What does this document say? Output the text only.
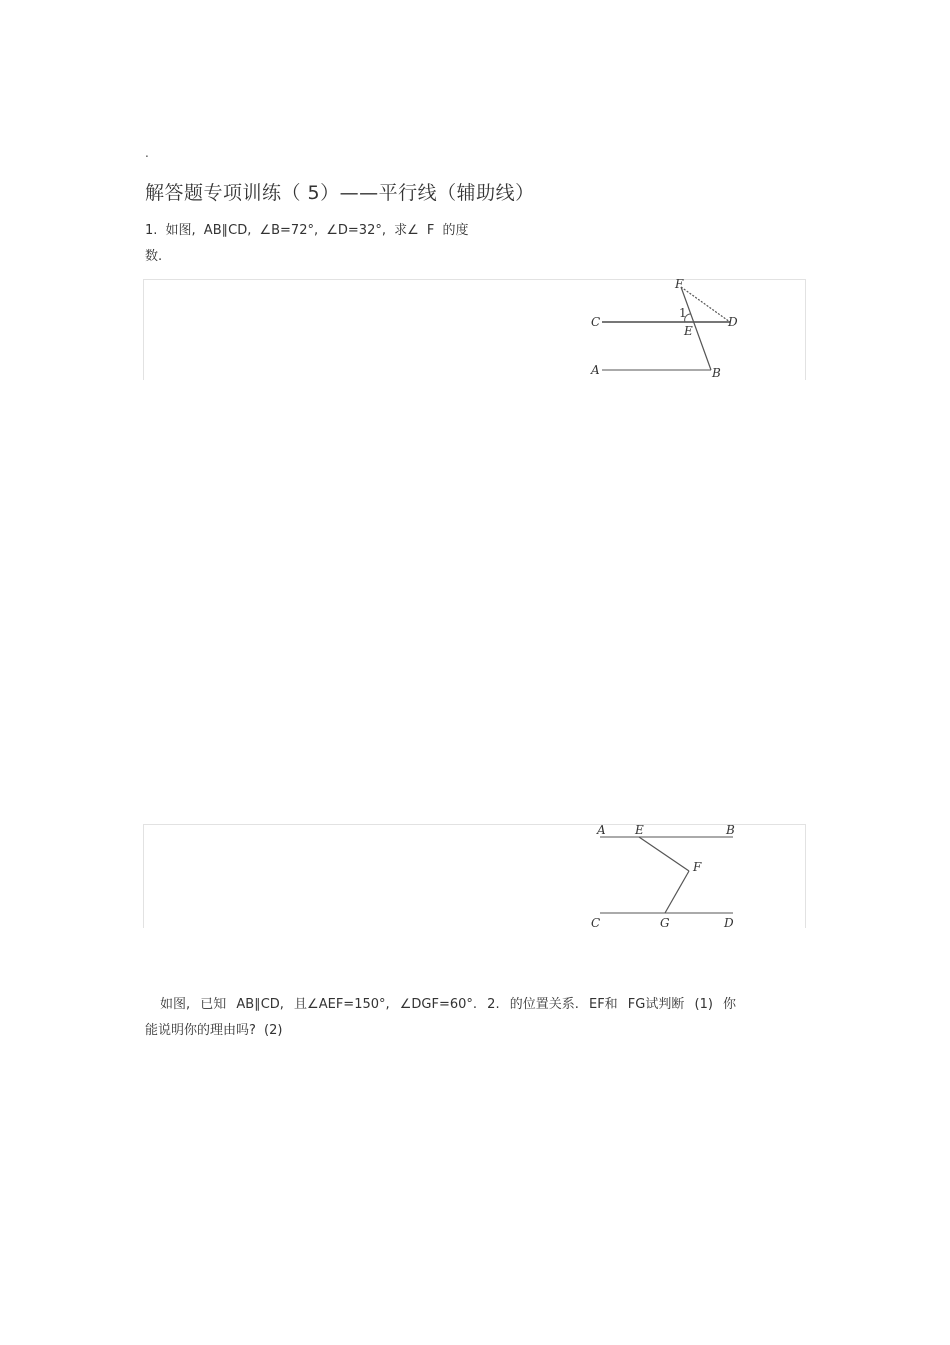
.
解答题专项训练（ 5）——平行线（辅助线）
1. 如图, AB∥CD, ∠B=72°, ∠D=32°, 求∠ F 的度
数.
F
C
1
E
D
A	B
A E	B
F
C	G	D
如图, 已知 AB∥CD, 且∠AEF=150°, ∠DGF=60°. 2. 的位置关系. EF和 FG试判断 (1) 你
能说明你的理由吗? (2)
